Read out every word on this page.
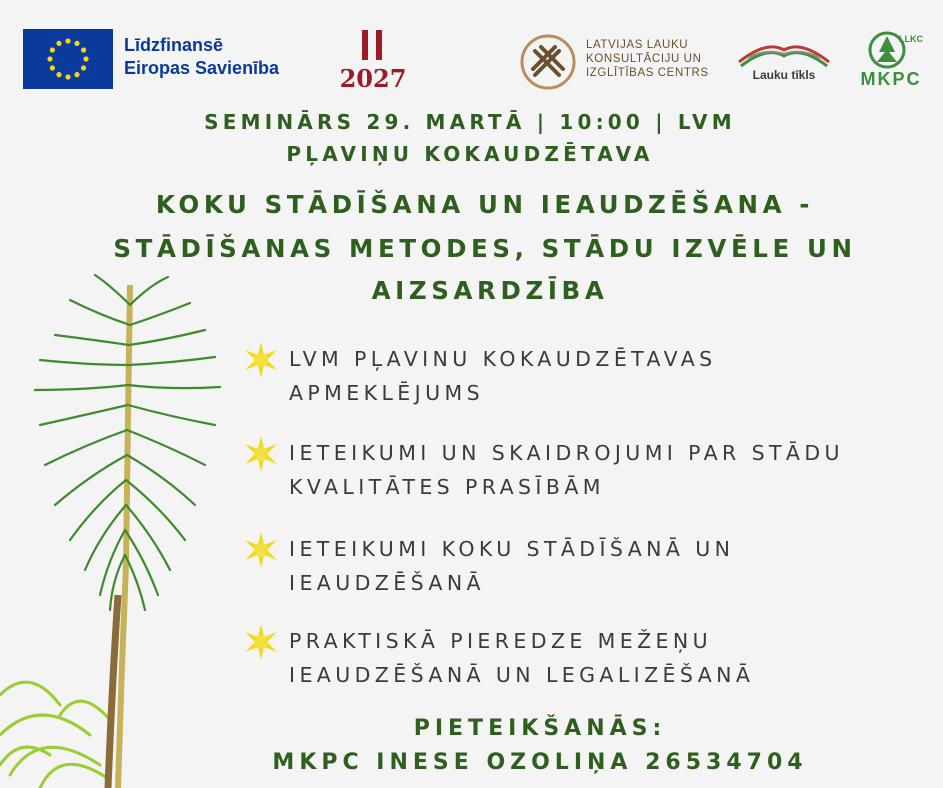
Līdzfinansē
Eiropas Savienība	2027
LATVIJAS LAUKU
KONSULTĀCIJU UN
IZGLĪTĪBAS CENTRS	Lauku tīkls
LLKC
MKPC
SEMINĀRS 29. MARTĀ | 10:00 | LVM
PĻAVIŅU KOKAUDZĒTAVA
KOKU STĀDĪŠANA UN IEAUDZĒŠANA -
STĀDĪŠANAS METODES, STĀDU IZVĒLE UN
AIZSARDZĪBA
LVM PĻAVINU KOKAUDZĒTAVAS
APMEKLĒJUMS
IETEIKUMI UN SKAIDROJUMI PAR STĀDU
KVALITĀTES PRASĪBĀM
IETEIKUMI KOKU STĀDĪŠANĀ UN
IEAUDZĒŠANĀ
PRAKTISKĀ PIEREDZE MEŽEŅU
IEAUDZĒŠANĀ UN LEGALIZĒŠANĀ
PIETEIKŠANĀS:
MKPC INESE OZOLIŅA 26534704
